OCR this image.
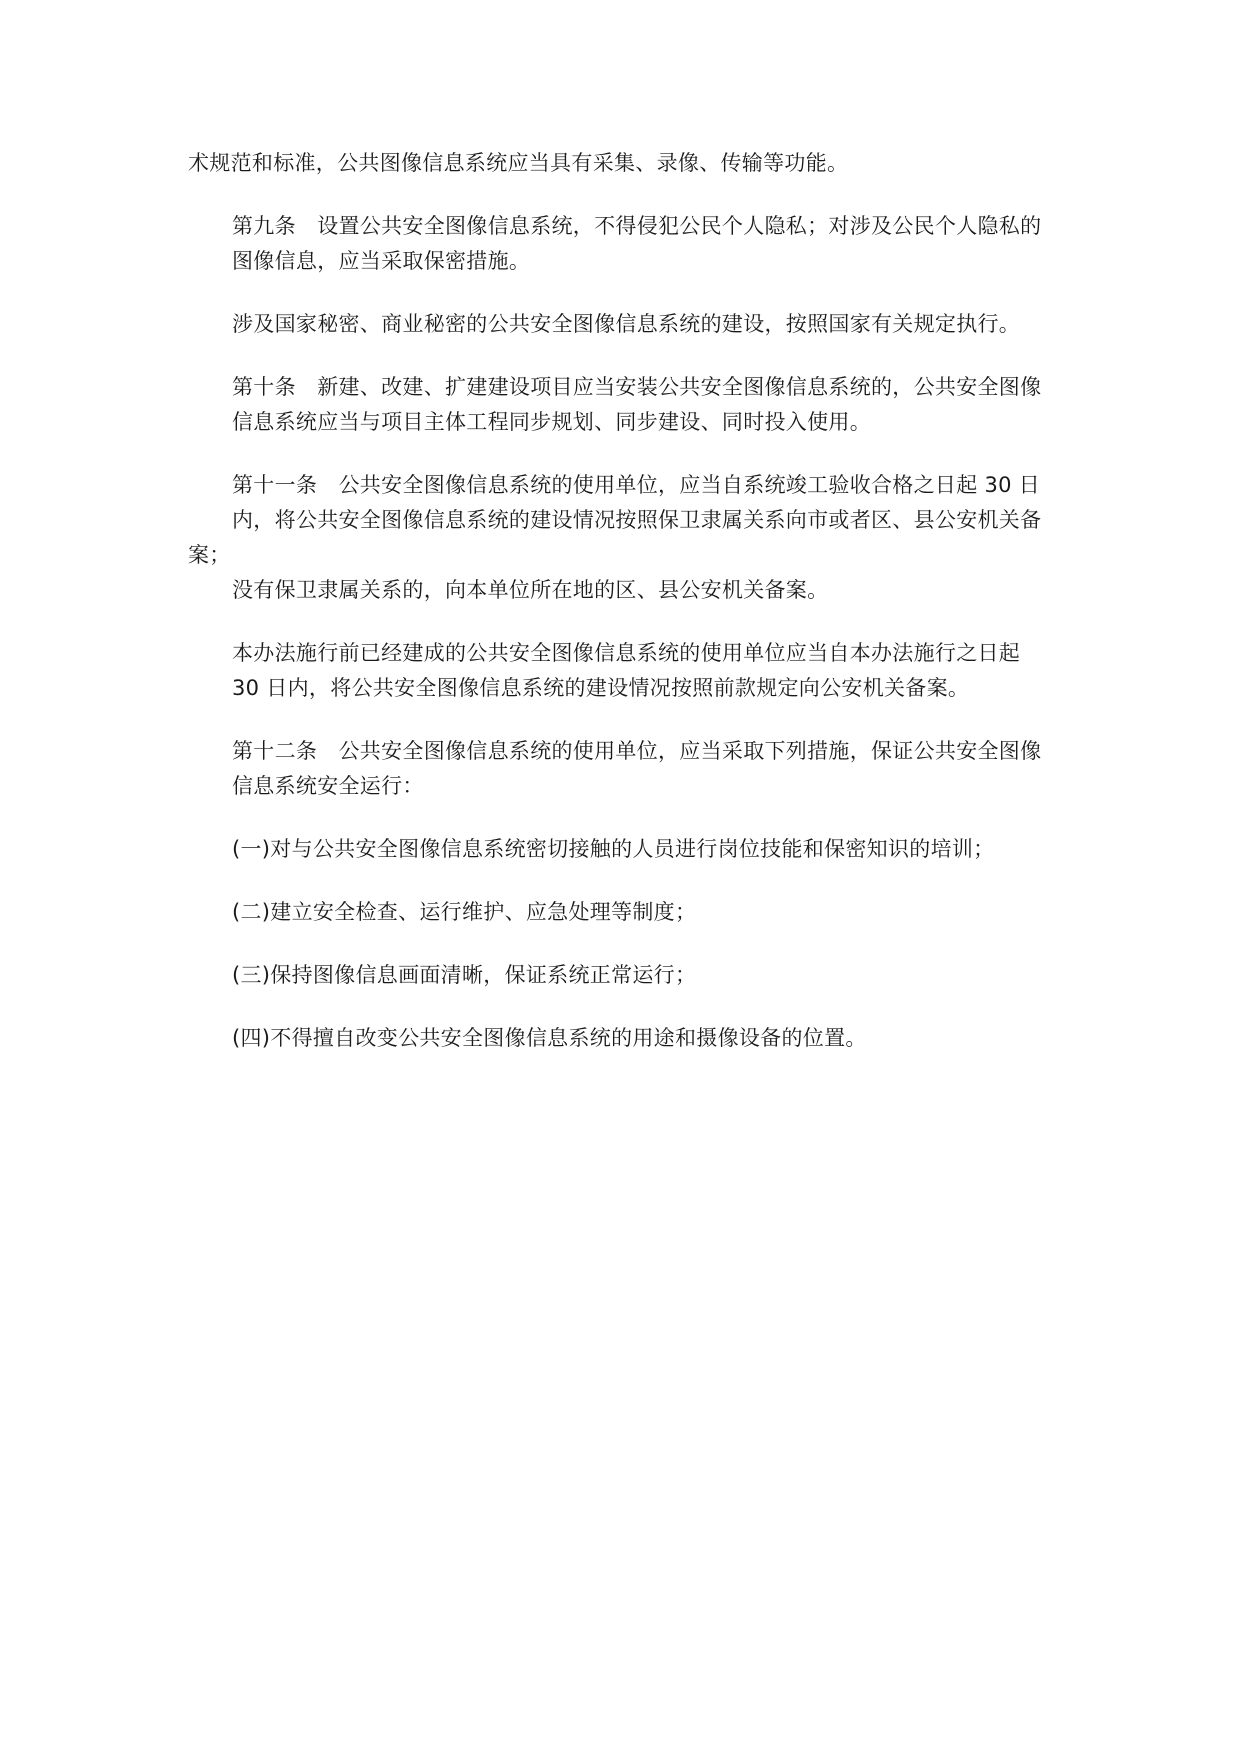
术规范和标准，公共图像信息系统应当具有采集、录像、传输等功能。

第九条　设置公共安全图像信息系统，不得侵犯公民个人隐私；对涉及公民个人隐私的
图像信息，应当采取保密措施。

涉及国家秘密、商业秘密的公共安全图像信息系统的建设，按照国家有关规定执行。

第十条　新建、改建、扩建建设项目应当安装公共安全图像信息系统的，公共安全图像
信息系统应当与项目主体工程同步规划、同步建设、同时投入使用。

第十一条　公共安全图像信息系统的使用单位，应当自系统竣工验收合格之日起 30 日
内，将公共安全图像信息系统的建设情况按照保卫隶属关系向市或者区、县公安机关备案；
没有保卫隶属关系的，向本单位所在地的区、县公安机关备案。

本办法施行前已经建成的公共安全图像信息系统的使用单位应当自本办法施行之日起
30 日内，将公共安全图像信息系统的建设情况按照前款规定向公安机关备案。

第十二条　公共安全图像信息系统的使用单位，应当采取下列措施，保证公共安全图像
信息系统安全运行：

(一)对与公共安全图像信息系统密切接触的人员进行岗位技能和保密知识的培训；

(二)建立安全检查、运行维护、应急处理等制度；

(三)保持图像信息画面清晰，保证系统正常运行；

(四)不得擅自改变公共安全图像信息系统的用途和摄像设备的位置。
